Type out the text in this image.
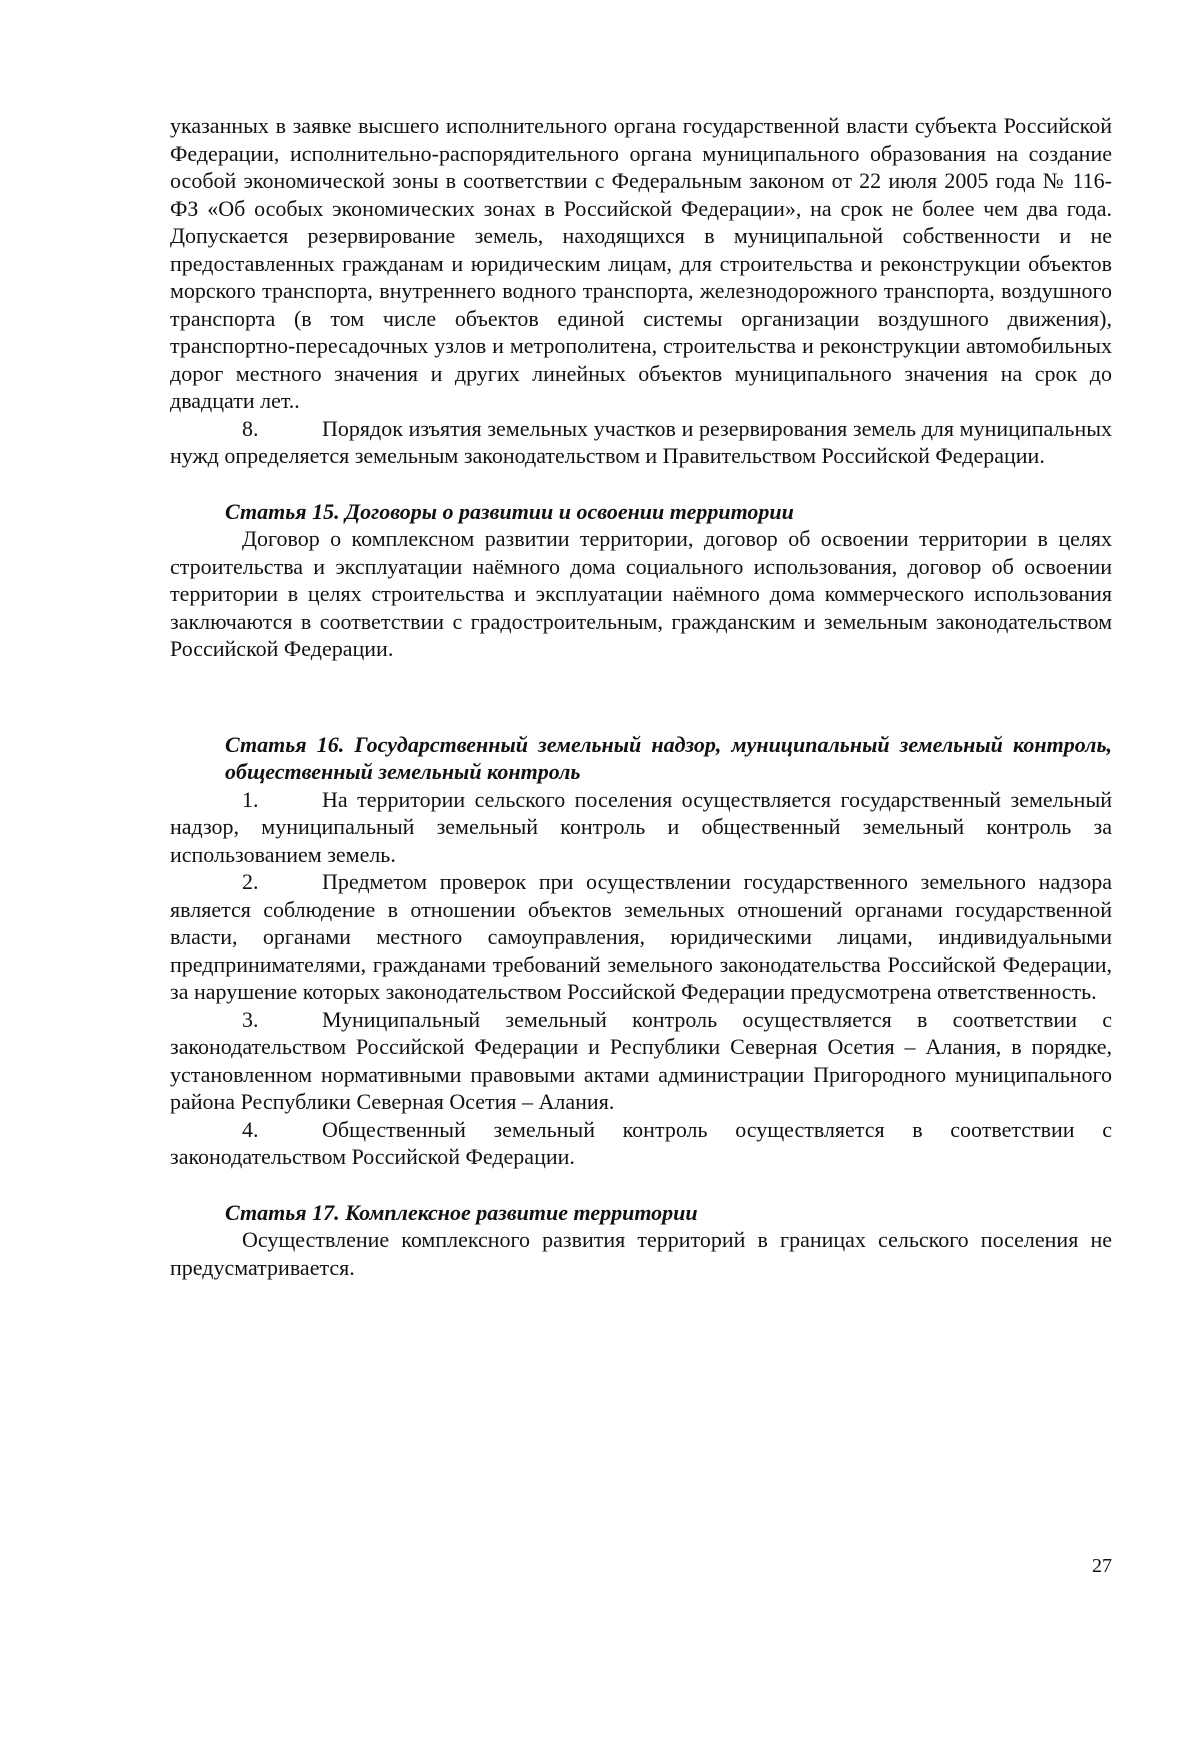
указанных в заявке высшего исполнительного органа государственной власти субъекта Российской Федерации, исполнительно-распорядительного органа муниципального образования на создание особой экономической зоны в соответствии с Федеральным законом от 22 июля 2005 года № 116-ФЗ «Об особых экономических зонах в Российской Федерации», на срок не более чем два года. Допускается резервирование земель, находящихся в муниципальной собственности и не предоставленных гражданам и юридическим лицам, для строительства и реконструкции объектов морского транспорта, внутреннего водного транспорта, железнодорожного транспорта, воздушного транспорта (в том числе объектов единой системы организации воздушного движения), транспортно-пересадочных узлов и метрополитена, строительства и реконструкции автомобильных дорог местного значения и других линейных объектов муниципального значения на срок до двадцати лет..

8.	Порядок изъятия земельных участков и резервирования земель для муниципальных нужд определяется земельным законодательством и Правительством Российской Федерации.

Статья 15. Договоры о развитии и освоении территории

Договор о комплексном развитии территории, договор об освоении территории в целях строительства и эксплуатации наёмного дома социального использования, договор об освоении территории в целях строительства и эксплуатации наёмного дома коммерческого использования заключаются в соответствии с градостроительным, гражданским и земельным законодательством Российской Федерации.

Статья 16. Государственный земельный надзор, муниципальный земельный контроль, общественный земельный контроль

1.	На территории сельского поселения осуществляется государственный земельный надзор, муниципальный земельный контроль и общественный земельный контроль за использованием земель.

2.	Предметом проверок при осуществлении государственного земельного надзора является соблюдение в отношении объектов земельных отношений органами государственной власти, органами местного самоуправления, юридическими лицами, индивидуальными предпринимателями, гражданами требований земельного законодательства Российской Федерации, за нарушение которых законодательством Российской Федерации предусмотрена ответственность.

3.	Муниципальный земельный контроль осуществляется в соответствии с законодательством Российской Федерации и Республики Северная Осетия – Алания, в порядке, установленном нормативными правовыми актами администрации Пригородного муниципального района Республики Северная Осетия – Алания.

4.	Общественный земельный контроль осуществляется в соответствии с законодательством Российской Федерации.

Статья 17. Комплексное развитие территории

Осуществление комплексного развития территорий в границах сельского поселения не предусматривается.

27
